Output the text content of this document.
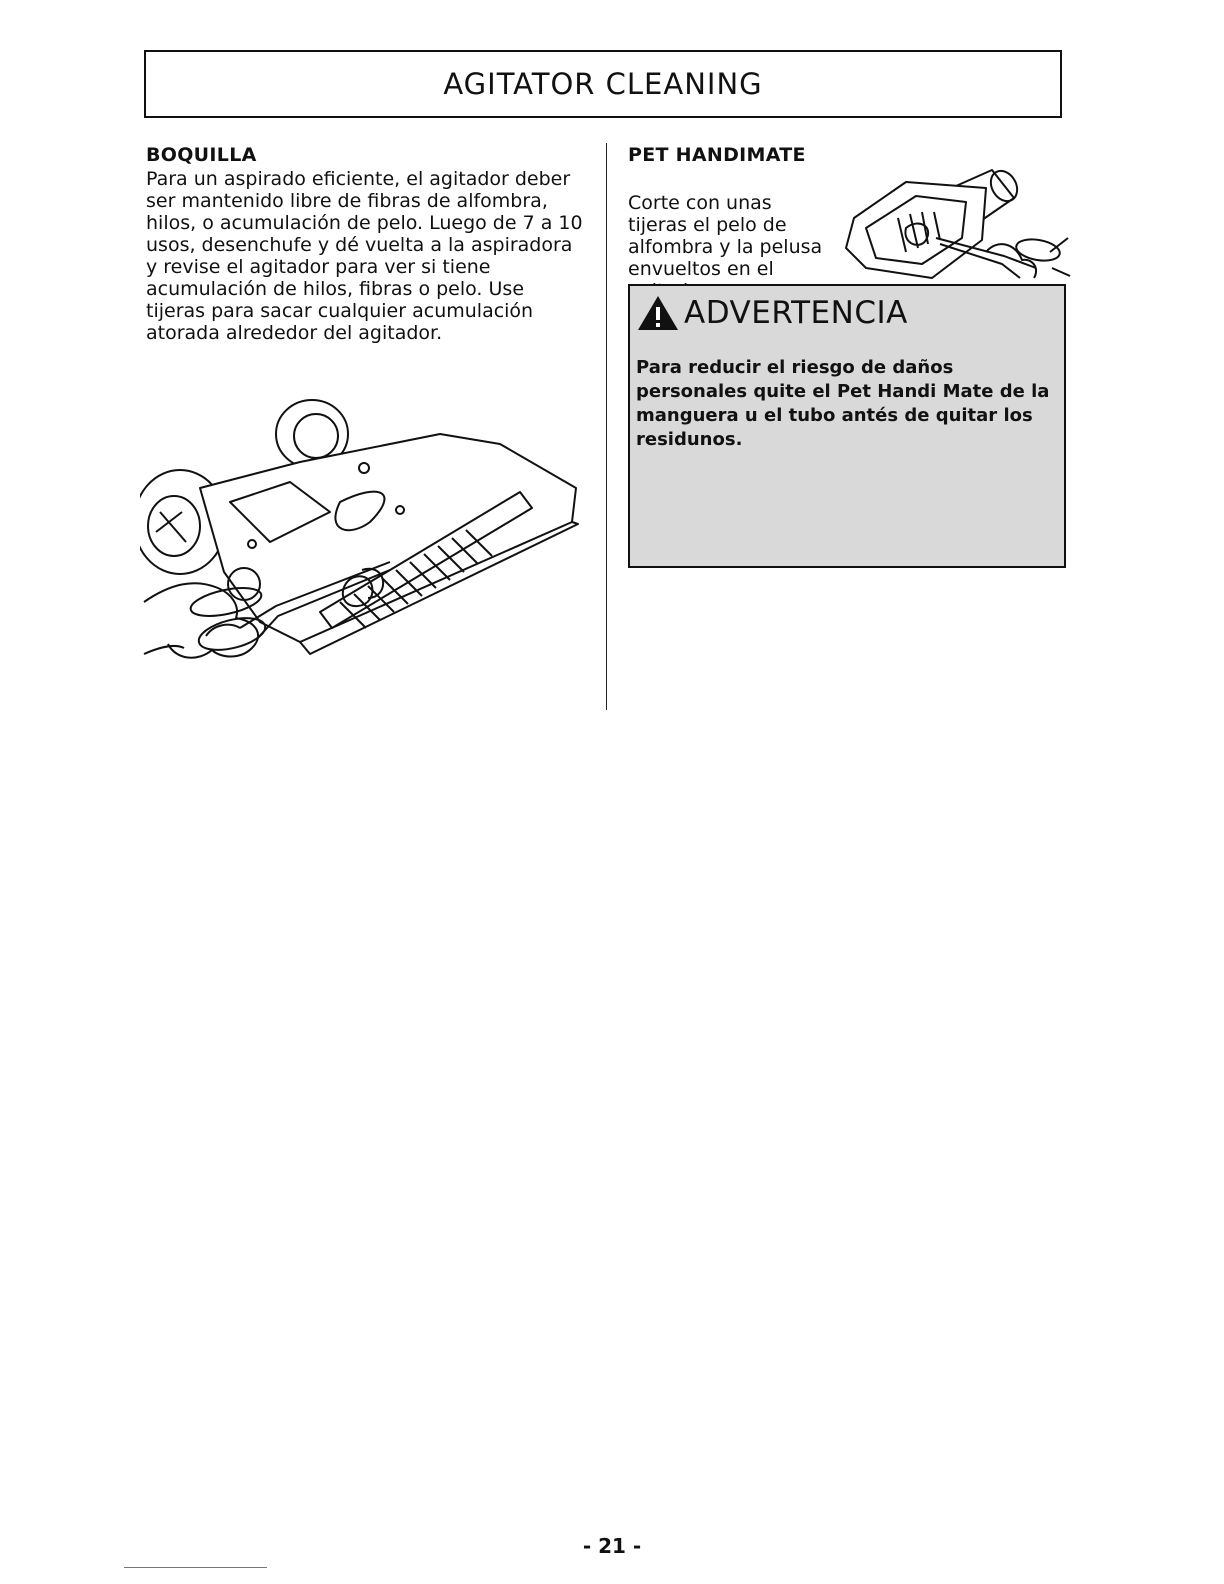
AGITATOR CLEANING

BOQUILLA

Para un aspirado eficiente, el agitador deber ser mantenido libre de fibras de alfombra, hilos, o acumulación de pelo. Luego de 7 a 10 usos, desenchufe y dé vuelta a la aspiradora y revise el agitador para ver si tiene acumulación de hilos, fibras o pelo. Use tijeras para sacar cualquier acumulación atorada alrededor del agitador.

PET HANDIMATE

Corte con unas tijeras el pelo de alfombra y la pelusa envueltos en el

ADVERTENCIA

Para reducir el riesgo de daños personales quite el Pet Handi Mate de la manguera u el tubo antés de quitar los residunos.

- 21 -
